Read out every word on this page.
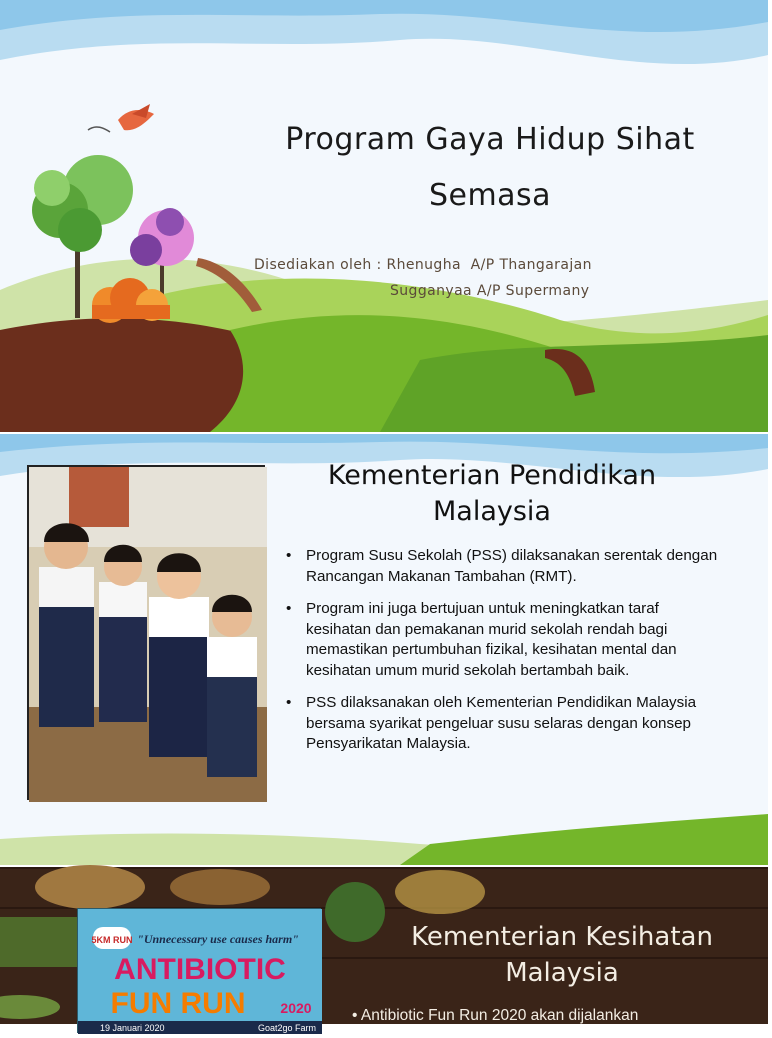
Program Gaya Hidup Sihat Semasa
Disediakan oleh : Rhenugha  A/P Thangarajan
Sugganyaa A/P Supermany
Kementerian Pendidikan Malaysia
• Program Susu Sekolah (PSS) dilaksanakan serentak dengan Rancangan Makanan Tambahan (RMT).
• Program ini juga bertujuan untuk meningkatkan taraf kesihatan dan pemakanan murid sekolah rendah bagi memastikan pertumbuhan fizikal, kesihatan mental dan kesihatan umum murid sekolah bertambah baik.
• PSS dilaksanakan oleh Kementerian Pendidikan Malaysia bersama syarikat pengeluar susu selaras dengan konsep Pensyarikatan Malaysia.
5KM RUN "Unnecessary use causes harm"
ANTIBIOTIC
FUN RUN 2020
19 Januari 2020	Goat2go Farm
Kementerian Kesihatan Malaysia
• Antibiotic Fun Run 2020 akan dijalankan
